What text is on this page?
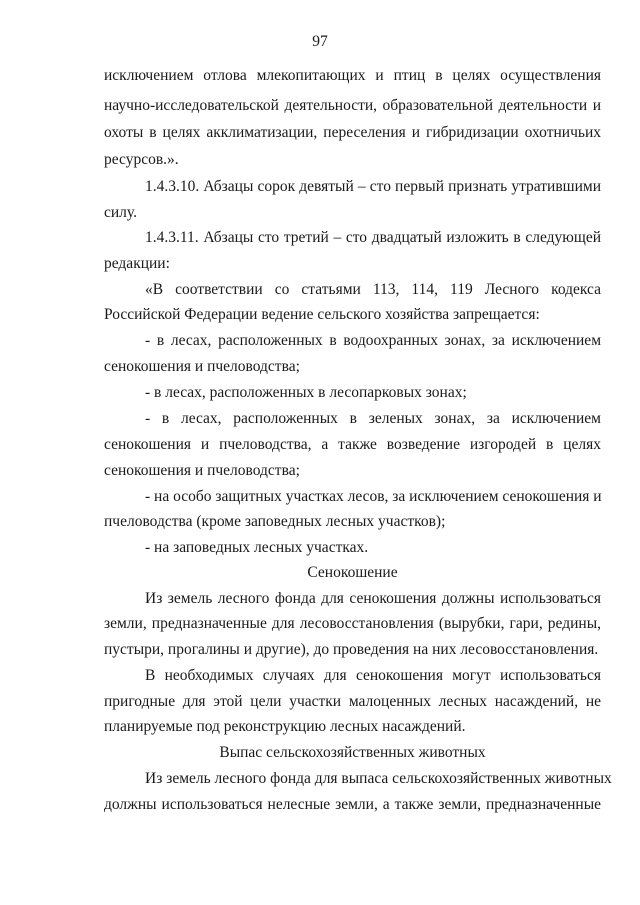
97
исключением отлова млекопитающих и птиц в целях осуществления
научно-исследовательской деятельности, образовательной деятельности и
охоты в целях акклиматизации, переселения и гибридизации охотничьих
ресурсов.».
1.4.3.10. Абзацы сорок девятый – сто первый признать утратившими
силу.
1.4.3.11. Абзацы сто третий – сто двадцатый изложить в следующей
редакции:
«В соответствии со статьями 113, 114, 119 Лесного кодекса
Российской Федерации ведение сельского хозяйства запрещается:
- в лесах, расположенных в водоохранных зонах, за исключением
сенокошения и пчеловодства;
- в лесах, расположенных в лесопарковых зонах;
- в лесах, расположенных в зеленых зонах, за исключением
сенокошения и пчеловодства, а также возведение изгородей в целях
сенокошения и пчеловодства;
- на особо защитных участках лесов, за исключением сенокошения и
пчеловодства (кроме заповедных лесных участков);
- на заповедных лесных участках.
Сенокошение
Из земель лесного фонда для сенокошения должны использоваться
земли, предназначенные для лесовосстановления (вырубки, гари, редины,
пустыри, прогалины и другие), до проведения на них лесовосстановления.
В необходимых случаях для сенокошения могут использоваться
пригодные для этой цели участки малоценных лесных насаждений, не
планируемые под реконструкцию лесных насаждений.
Выпас сельскохозяйственных животных
Из земель лесного фонда для выпаса сельскохозяйственных животных
должны использоваться нелесные земли, а также земли, предназначенные
